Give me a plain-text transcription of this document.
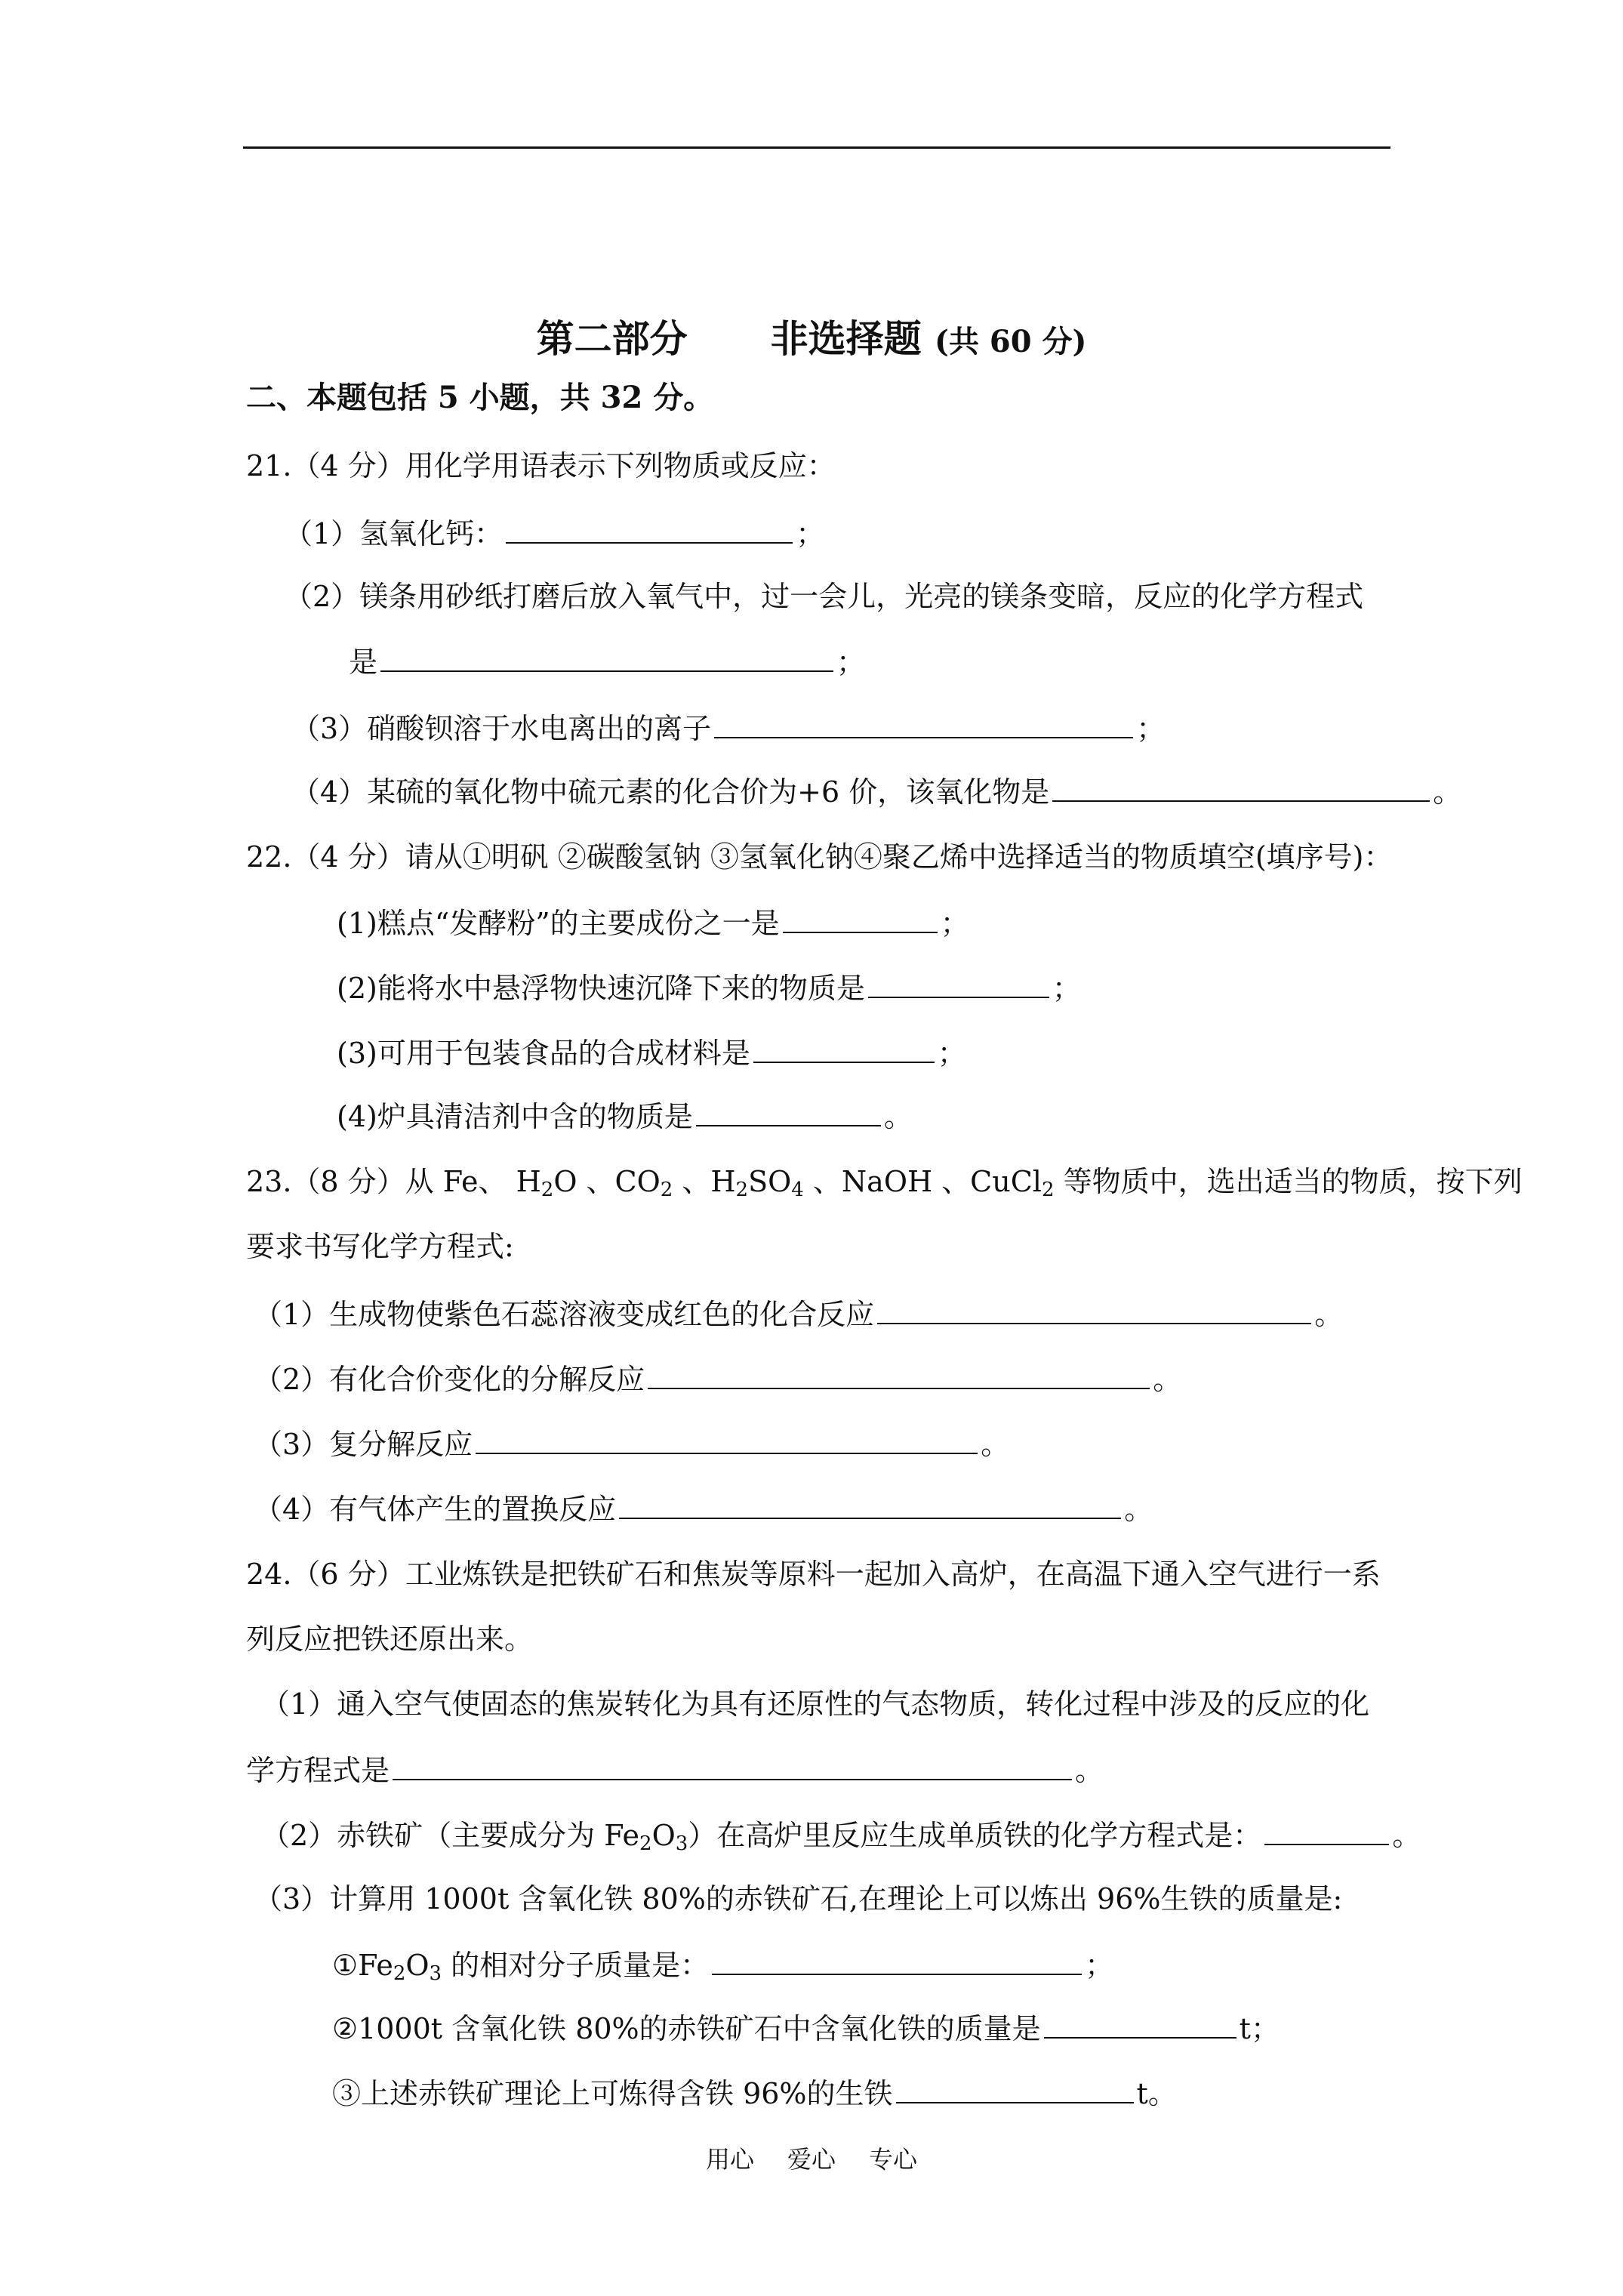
第二部分 非选择题 (共 60 分)
二、本题包括 5 小题，共 32 分。
21.（4 分）用化学用语表示下列物质或反应：
（1）氢氧化钙：	；
（2）镁条用砂纸打磨后放入氧气中，过一会儿，光亮的镁条变暗，反应的化学方程式
是	；
（3）硝酸钡溶于水电离出的离子	；
（4）某硫的氧化物中硫元素的化合价为+6 价，该氧化物是	。
22.（4 分）请从①明矾 ②碳酸氢钠 ③氢氧化钠④聚乙烯中选择适当的物质填空(填序号)：
(1)糕点“发酵粉”的主要成份之一是	；
(2)能将水中悬浮物快速沉降下来的物质是	；
(3)可用于包装食品的合成材料是	；
(4)炉具清洁剂中含的物质是	。
23.（8 分）从 Fe、 $H_2O$ 、$CO_2$ 、$H_2SO_4$ 、NaOH 、CuCl$_2$ 等物质中，选出适当的物质，按下列
要求书写化学方程式:
（1）生成物使紫色石蕊溶液变成红色的化合反应	。
（2）有化合价变化的分解反应	。
（3）复分解反应	。
（4）有气体产生的置换反应	。
24.（6 分）工业炼铁是把铁矿石和焦炭等原料一起加入高炉，在高温下通入空气进行一系
列反应把铁还原出来。
（1）通入空气使固态的焦炭转化为具有还原性的气态物质，转化过程中涉及的反应的化
学方程式是	。
（2）赤铁矿（主要成分为 $Fe_2O_3$）在高炉里反应生成单质铁的化学方程式是：	。
（3）计算用 1000t 含氧化铁 80%的赤铁矿石,在理论上可以炼出 96%生铁的质量是:
$①Fe_2O_3$ 的相对分子质量是：	；
②1000t 含氧化铁 80%的赤铁矿石中含氧化铁的质量是	t；
③上述赤铁矿理论上可炼得含铁 96%的生铁	t。
用心 爱心 专心
